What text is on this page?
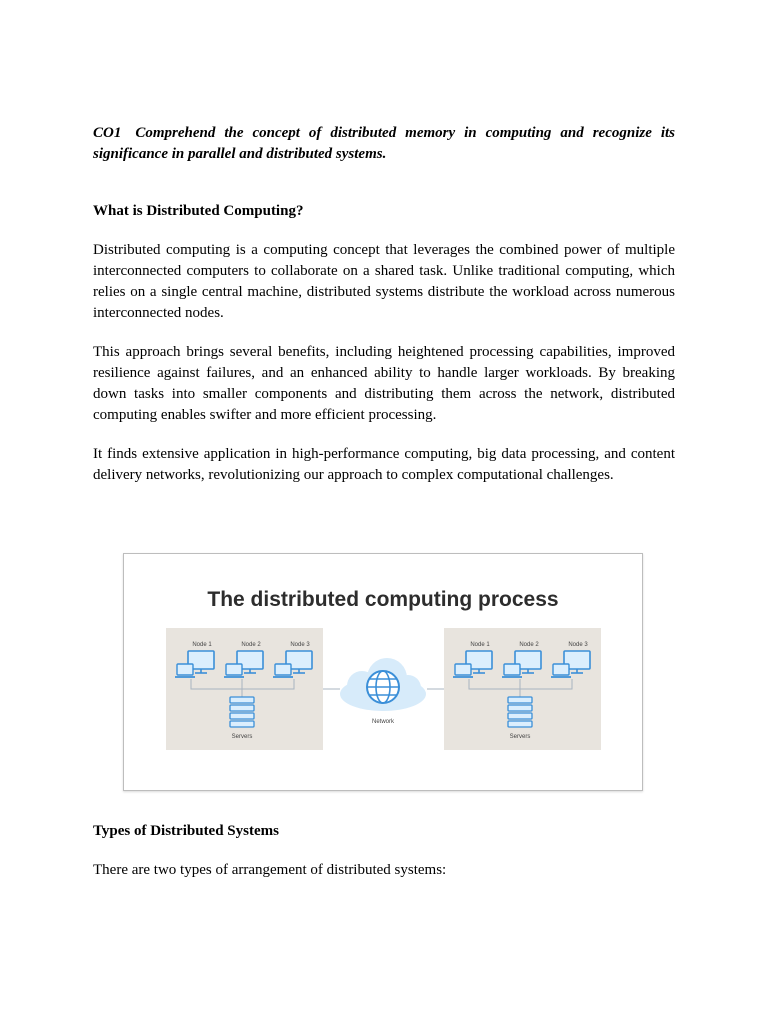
CO1 Comprehend the concept of distributed memory in computing and recognize its significance in parallel and distributed systems.

What is Distributed Computing?

Distributed computing is a computing concept that leverages the combined power of multiple interconnected computers to collaborate on a shared task. Unlike traditional computing, which relies on a single central machine, distributed systems distribute the workload across numerous interconnected nodes.

This approach brings several benefits, including heightened processing capabilities, improved resilience against failures, and an enhanced ability to handle larger workloads. By breaking down tasks into smaller components and distributing them across the network, distributed computing enables swifter and more efficient processing.

It finds extensive application in high-performance computing, big data processing, and content delivery networks, revolutionizing our approach to complex computational challenges.

The distributed computing process
Node 1	Node 2	Node 3
Servers
Network
Node 1	Node 2	Node 3
Servers
Types of Distributed Systems

There are two types of arrangement of distributed systems:
